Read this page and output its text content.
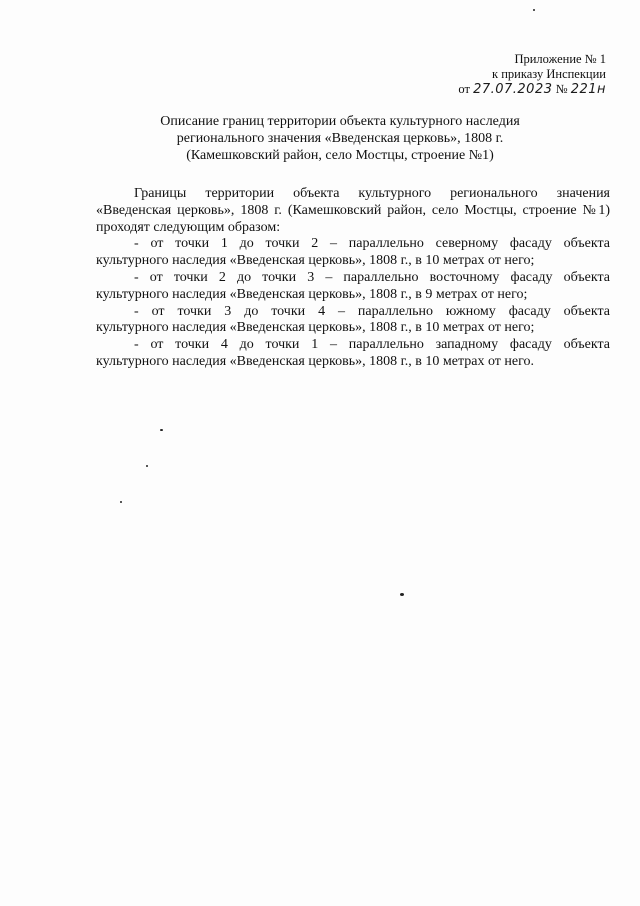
Приложение № 1
к приказу Инспекции
от 27.07.2023 № 221н
Описание границ территории объекта культурного наследия
регионального значения «Введенская церковь», 1808 г.
(Камешковский район, село Мостцы, строение №1)

Границы территории объекта культурного регионального значения
«Введенская церковь», 1808 г. (Камешковский район, село Мостцы, строение №1) проходят следующим образом:

- от точки 1 до точки 2 – параллельно северному фасаду объекта
культурного наследия «Введенская церковь», 1808 г., в 10 метрах от него;

- от точки 2 до точки 3 – параллельно восточному фасаду объекта
культурного наследия «Введенская церковь», 1808 г., в 9 метрах от него;

- от точки 3 до точки 4 – параллельно южному фасаду объекта
культурного наследия «Введенская церковь», 1808 г., в 10 метрах от него;

- от точки 4 до точки 1 – параллельно западному фасаду объекта
культурного наследия «Введенская церковь», 1808 г., в 10 метрах от него.
